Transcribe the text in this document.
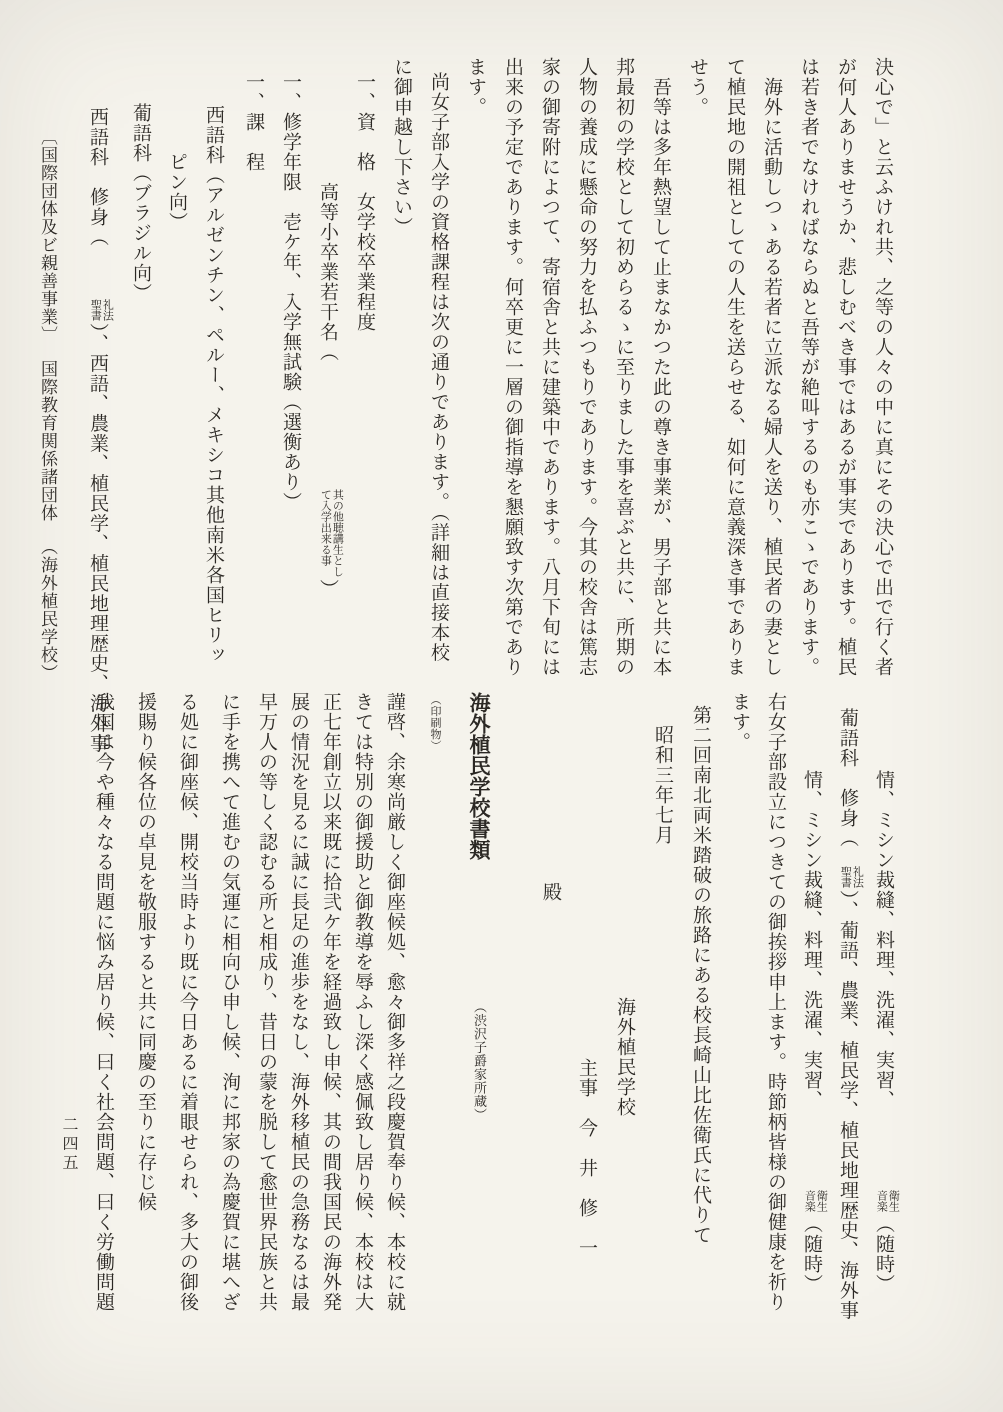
決心で」と云ふけれ共、之等の人々の中に真にその決心で出で行く者
が何人ありませうか、悲しむべき事ではあるが事実であります。植民
は若き者でなければならぬと吾等が絶叫するのも亦こゝであります。
海外に活動しつゝある若者に立派なる婦人を送り、植民者の妻とし
て植民地の開祖としての人生を送らせる、如何に意義深き事でありま
せう。
吾等は多年熱望して止まなかつた此の尊き事業が、男子部と共に本
邦最初の学校として初めらるゝに至りました事を喜ぶと共に、所期の
人物の養成に懸命の努力を払ふつもりであります。今其の校舎は篤志
家の御寄附によつて、寄宿舎と共に建築中であります。八月下旬には
出来の予定であります。何卒更に一層の御指導を懇願致す次第であり
ます。
尚女子部入学の資格課程は次の通りであります。（詳細は直接本校
に御申越し下さい）
一、資　格　女学校卒業程度
高等小卒業若干名（
其の他聴講生とし
て入学出来る事
）
一、修学年限　壱ケ年、入学無試験（選衡あり）
一、課　程
西語科（アルゼンチン、ペルー、メキシコ其他南米各国ヒリッ
ピン向）
葡語科（ブラジル向）
西語科　修身（
礼法
聖書
）、西語、農業、植民学、植民地理歴史、海外事
〔国際団体及ビ親善事業〕国際教育関係諸団体（海外植民学校）
情、ミシン裁縫、料理、洗濯、実習、
衛生
音楽
（随時）
葡語科　修身（
礼法
聖書
）、葡語、農業、植民学、植民地理歴史、海外事
情、ミシン裁縫、料理、洗濯、実習、
衛生
音楽
（随時）
右女子部設立につきての御挨拶申上ます。時節柄皆様の御健康を祈り
ます。
第二回南北両米踏破の旅路にある校長崎山比佐衛氏に代りて
昭和三年七月
海外植民学校
主事　今　井　修　一
殿
海外植民学校書類（渋沢子爵家所蔵）
（印刷物）
謹啓、余寒尚厳しく御座候処、愈々御多祥之段慶賀奉り候、本校に就
きては特別の御援助と御教導を辱ふし深く感佩致し居り候、本校は大
正七年創立以来既に拾弐ケ年を経過致し申候、其の間我国民の海外発
展の情況を見るに誠に長足の進歩をなし、海外移植民の急務なるは最
早万人の等しく認むる所と相成り、昔日の蒙を脱して愈世界民族と共
に手を携へて進むの気運に相向ひ申し候、洵に邦家の為慶賀に堪へざ
る処に御座候、開校当時より既に今日あるに着眼せられ、多大の御後
援賜り候各位の卓見を敬服すると共に同慶の至りに存じ候
我国は今や種々なる問題に悩み居り候、曰く社会問題、曰く労働問題
二四五
